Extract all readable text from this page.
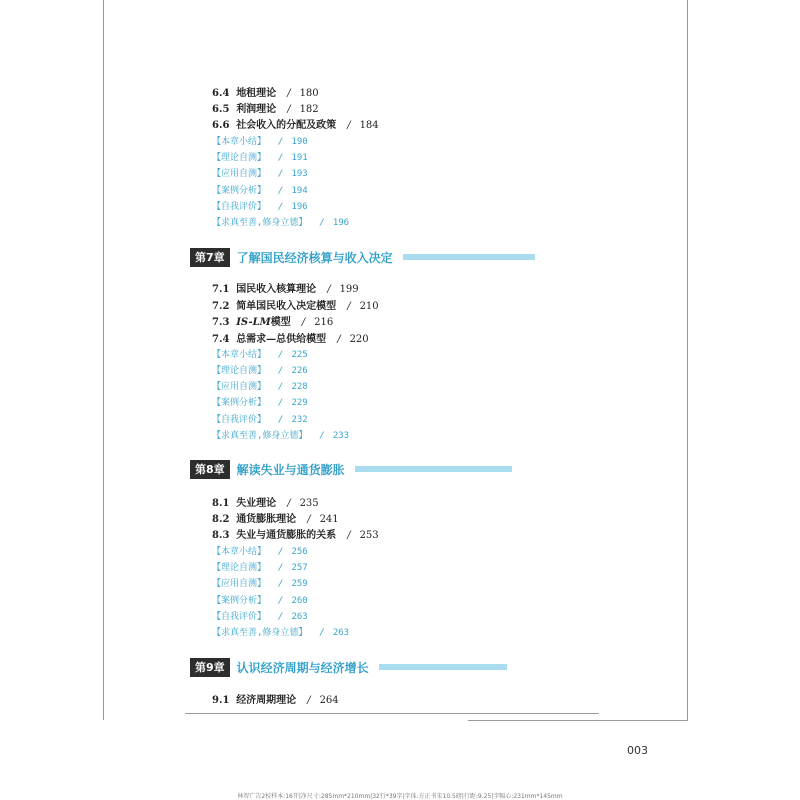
6.4 地租理论 / 180
6.5 利润理论 / 182
6.6 社会收入的分配及政策 / 184
【本章小结】 / 190
【理论自测】 / 191
【应用自测】 / 193
【案例分析】 / 194
【自我评价】 / 196
【求真至善,修身立德】 / 196
第7章	了解国民经济核算与收入决定
7.1 国民收入核算理论 / 199
7.2 简单国民收入决定模型 / 210
7.3 IS-LM模型 / 216
7.4 总需求—总供给模型 / 220
【本章小结】 / 225
【理论自测】 / 226
【应用自测】 / 228
【案例分析】 / 229
【自我评价】 / 232
【求真至善,修身立德】 / 233
第8章	解读失业与通货膨胀
8.1 失业理论 / 235
8.2 通货膨胀理论 / 241
8.3 失业与通货膨胀的关系 / 253
【本章小结】 / 256
【理论自测】 / 257
【应用自测】 / 259
【案例分析】 / 260
【自我评价】 / 263
【求真至善,修身立德】 / 263
第9章	认识经济周期与经济增长
9.1 经济周期理论 / 264
003
林智广告2校样本:16开|净尺寸:285mm*210mm|32行*39字|字体:方正书宋10.5磅|行距:9.25|字幅心:231mm*145mm
